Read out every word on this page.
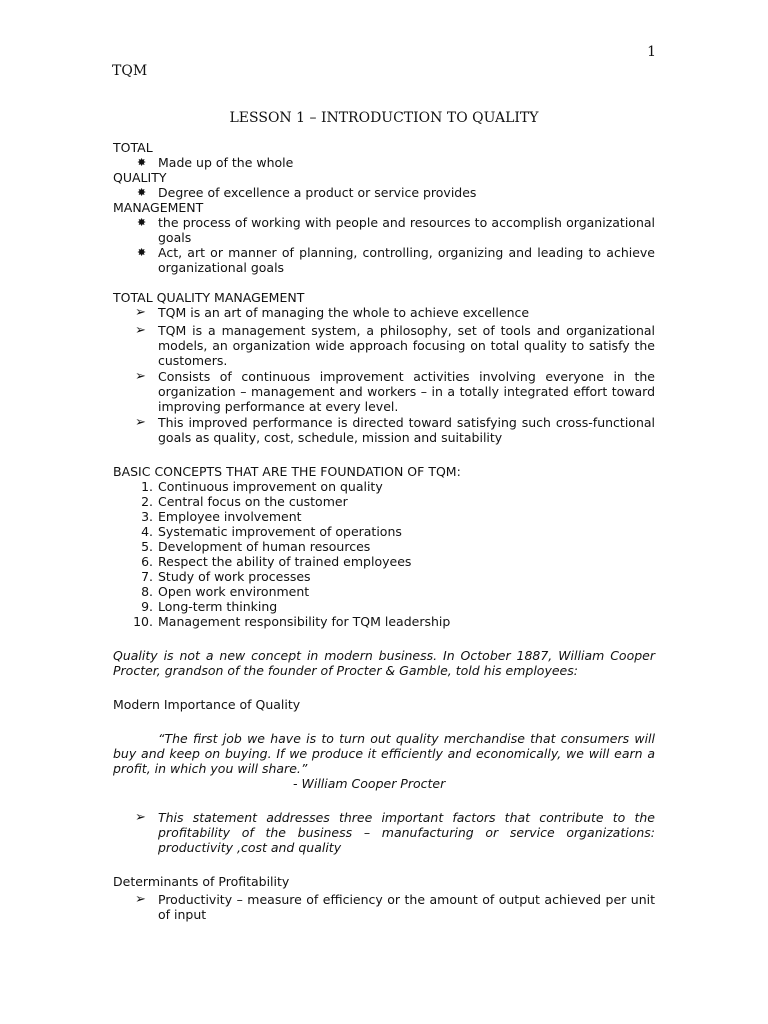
1
TQM
LESSON 1 – INTRODUCTION TO QUALITY

TOTAL

✸ Made up of the whole

QUALITY

✸ Degree of excellence a product or service provides

MANAGEMENT

✸ the process of working with people and resources to accomplish organizational goals
✸ Act, art or manner of planning, controlling, organizing and leading to achieve organizational goals

TOTAL QUALITY MANAGEMENT

➢ TQM is an art of managing the whole to achieve excellence
➢ TQM is a management system, a philosophy, set of tools and organizational models, an organization wide approach focusing on total quality to satisfy the customers.
➢ Consists of continuous improvement activities involving everyone in the organization – management and workers – in a totally integrated effort toward improving performance at every level.
➢ This improved performance is directed toward satisfying such cross-functional goals as quality, cost, schedule, mission and suitability

BASIC CONCEPTS THAT ARE THE FOUNDATION OF TQM:

1. Continuous improvement on quality
2. Central focus on the customer
3. Employee involvement
4. Systematic improvement of operations
5. Development of human resources
6. Respect the ability of trained employees
7. Study of work processes
8. Open work environment
9. Long-term thinking
10. Management responsibility for TQM leadership

Quality is not a new concept in modern business. In October 1887, William Cooper Procter, grandson of the founder of Procter & Gamble, told his employees:

Modern Importance of Quality

“The first job we have is to turn out quality merchandise that consumers will buy and keep on buying. If we produce it efficiently and economically, we will earn a profit, in which you will share.”

- William Cooper Procter

➢ This statement addresses three important factors that contribute to the profitability of the business – manufacturing or service organizations: productivity ,cost and quality

Determinants of Profitability

➢ Productivity – measure of efficiency or the amount of output achieved per unit of input
